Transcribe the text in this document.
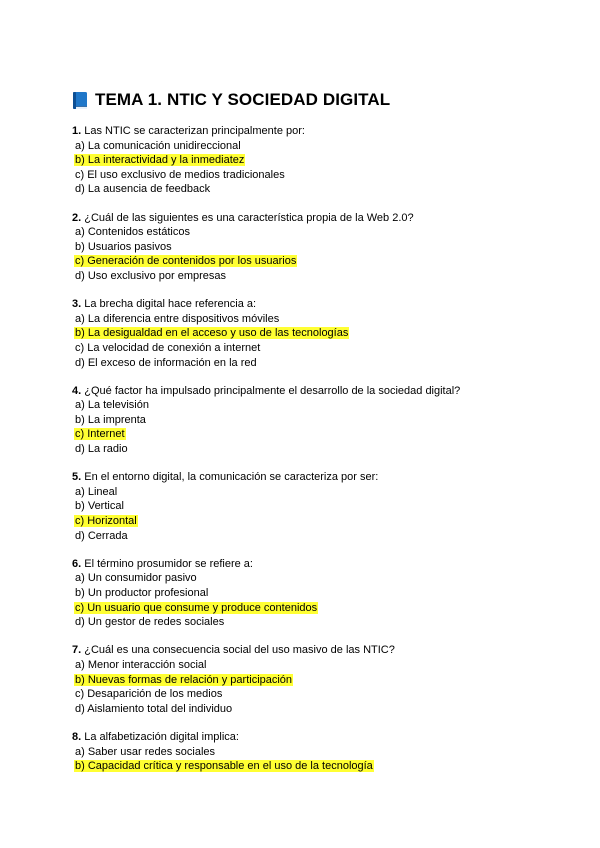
TEMA 1. NTIC Y SOCIEDAD DIGITAL
1. Las NTIC se caracterizan principalmente por:
a) La comunicación unidireccional
b) La interactividad y la inmediatez
c) El uso exclusivo de medios tradicionales
d) La ausencia de feedback
2. ¿Cuál de las siguientes es una característica propia de la Web 2.0?
a) Contenidos estáticos
b) Usuarios pasivos
c) Generación de contenidos por los usuarios
d) Uso exclusivo por empresas
3. La brecha digital hace referencia a:
a) La diferencia entre dispositivos móviles
b) La desigualdad en el acceso y uso de las tecnologías
c) La velocidad de conexión a internet
d) El exceso de información en la red
4. ¿Qué factor ha impulsado principalmente el desarrollo de la sociedad digital?
a) La televisión
b) La imprenta
c) Internet
d) La radio
5. En el entorno digital, la comunicación se caracteriza por ser:
a) Lineal
b) Vertical
c) Horizontal
d) Cerrada
6. El término prosumidor se refiere a:
a) Un consumidor pasivo
b) Un productor profesional
c) Un usuario que consume y produce contenidos
d) Un gestor de redes sociales
7. ¿Cuál es una consecuencia social del uso masivo de las NTIC?
a) Menor interacción social
b) Nuevas formas de relación y participación
c) Desaparición de los medios
d) Aislamiento total del individuo
8. La alfabetización digital implica:
a) Saber usar redes sociales
b) Capacidad crítica y responsable en el uso de la tecnología
